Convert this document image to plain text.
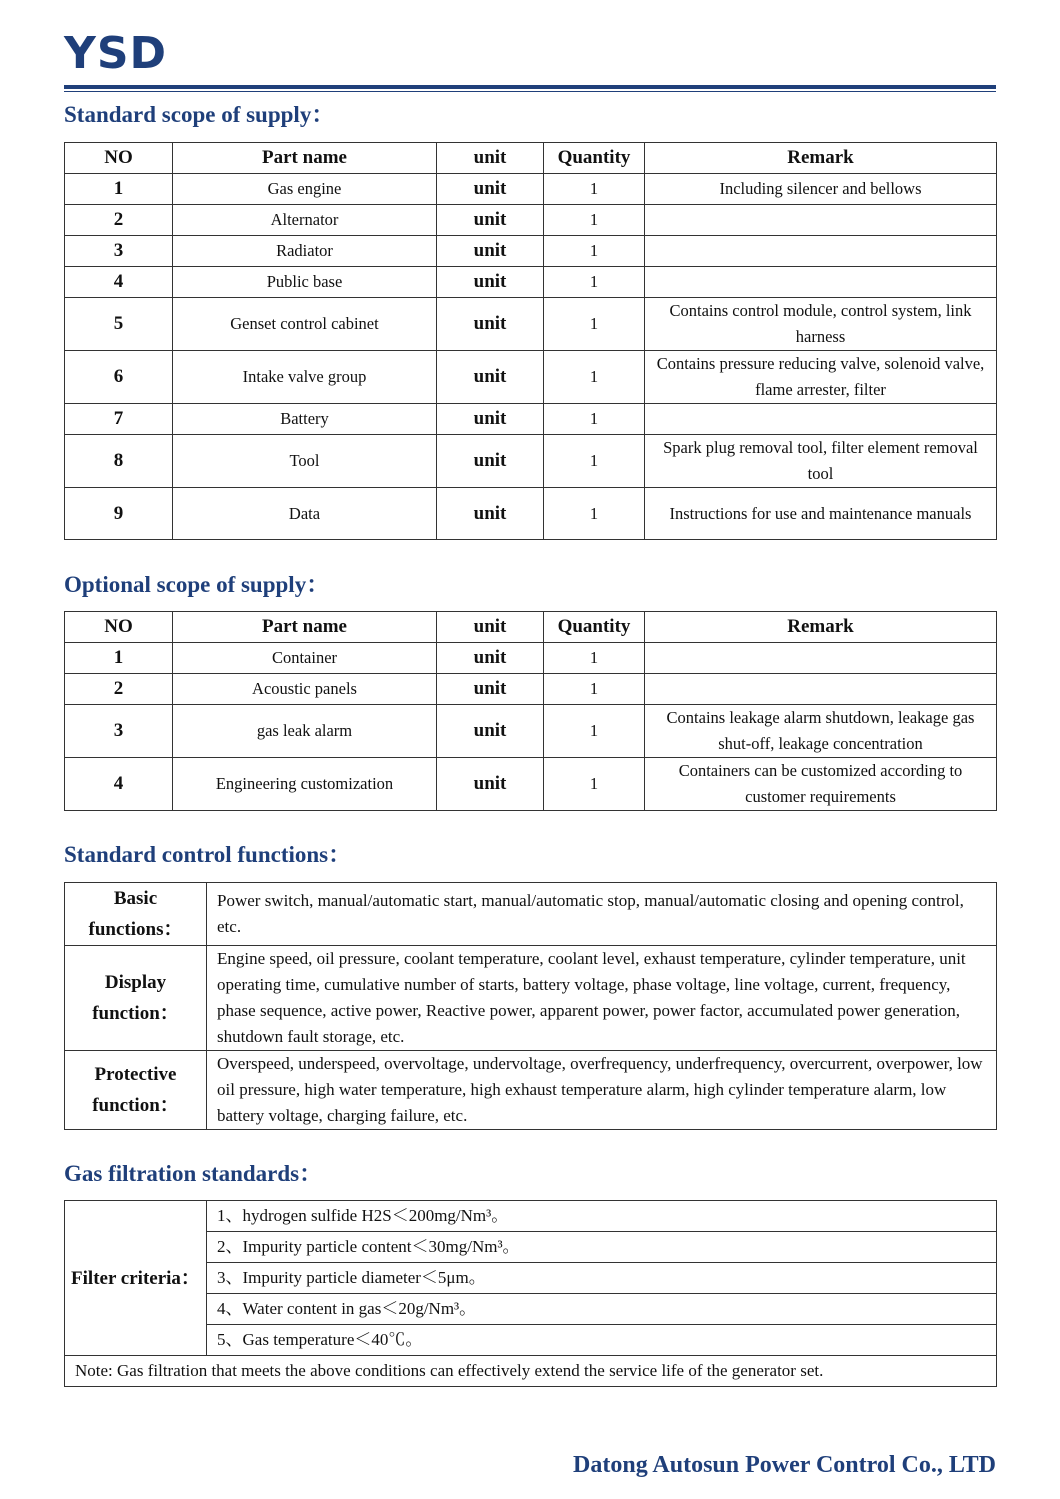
YSD
Standard scope of supply：
NO	Part name	unit	Quantity	Remark
1	Gas engine	unit	1	Including silencer and bellows
2	Alternator	unit	1	
3	Radiator	unit	1	
4	Public base	unit	1	
5	Genset control cabinet	unit	1	Contains control module, control system, link harness
6	Intake valve group	unit	1	Contains pressure reducing valve, solenoid valve, flame arrester, filter
7	Battery	unit	1	
8	Tool	unit	1	Spark plug removal tool, filter element removal tool
9	Data	unit	1	Instructions for use and maintenance manuals
Optional scope of supply：
NO	Part name	unit	Quantity	Remark
1	Container	unit	1	
2	Acoustic panels	unit	1	
3	gas leak alarm	unit	1	Contains leakage alarm shutdown, leakage gas shut-off, leakage concentration
4	Engineering customization	unit	1	Containers can be customized according to customer requirements
Standard control functions：
Basic functions：	Power switch, manual/automatic start, manual/automatic stop, manual/automatic closing and opening control, etc.
Display function：	Engine speed, oil pressure, coolant temperature, coolant level, exhaust temperature, cylinder temperature, unit operating time, cumulative number of starts, battery voltage, phase voltage, line voltage, current, frequency, phase sequence, active power, Reactive power, apparent power, power factor, accumulated power generation, shutdown fault storage, etc.
Protective function：	Overspeed, underspeed, overvoltage, undervoltage, overfrequency, underfrequency, overcurrent, overpower, low oil pressure, high water temperature, high exhaust temperature alarm, high cylinder temperature alarm, low battery voltage, charging failure, etc.
Gas filtration standards：
Filter criteria：	1、hydrogen sulfide H2S＜200mg/Nm³。
2、Impurity particle content＜30mg/Nm³。
3、Impurity particle diameter＜5μm。
4、Water content in gas＜20g/Nm³。
5、Gas temperature＜40℃。
Note: Gas filtration that meets the above conditions can effectively extend the service life of the generator set.
Datong Autosun Power Control Co., LTD
